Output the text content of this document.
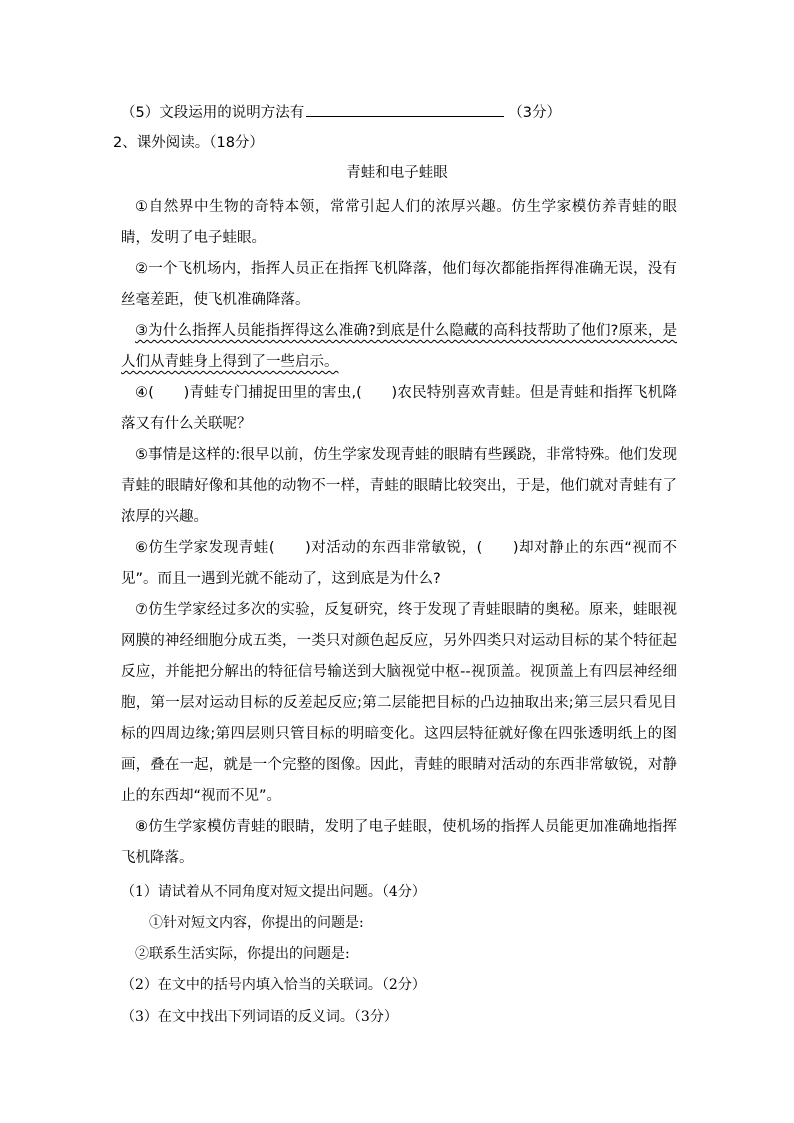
（5）文段运用的说明方法有	（3分）
2、课外阅读。（18分）
青蛙和电子蛙眼

①自然界中生物的奇特本领，常常引起人们的浓厚兴趣。仿生学家模仿养青蛙的眼睛，发明了电子蛙眼。

②一个飞机场内，指挥人员正在指挥飞机降落，他们每次都能指挥得准确无误，没有丝毫差距，使飞机准确降落。

③为什么指挥人员能指挥得这么准确?到底是什么隐藏的高科技帮助了他们?原来，是人们从青蛙身上得到了一些启示。

④(　　)青蛙专门捕捉田里的害虫,(　　)农民特别喜欢青蛙。但是青蛙和指挥飞机降落又有什么关联呢？

⑤事情是这样的:很早以前，仿生学家发现青蛙的眼睛有些蹊跷，非常特殊。他们发现青蛙的眼睛好像和其他的动物不一样，青蛙的眼睛比较突出，于是，他们就对青蛙有了浓厚的兴趣。

⑥仿生学家发现青蛙(　　)对活动的东西非常敏锐，(　　)却对静止的东西“视而不见”。而且一遇到光就不能动了，这到底是为什么?

⑦仿生学家经过多次的实验，反复研究，终于发现了青蛙眼睛的奥秘。原来，蛙眼视网膜的神经细胞分成五类，一类只对颜色起反应，另外四类只对运动目标的某个特征起反应，并能把分解出的特征信号输送到大脑视觉中枢--视顶盖。视顶盖上有四层神经细胞，第一层对运动目标的反差起反应;第二层能把目标的凸边抽取出来;第三层只看见目标的四周边缘;第四层则只管目标的明暗变化。这四层特征就好像在四张透明纸上的图画，叠在一起，就是一个完整的图像。因此，青蛙的眼睛对活动的东西非常敏锐，对静止的东西却“视而不见”。

⑧仿生学家模仿青蛙的眼睛，发明了电子蛙眼，使机场的指挥人员能更加准确地指挥飞机降落。

（1）请试着从不同角度对短文提出问题。（4分）
①针对短文内容，你提出的问题是:
②联系生活实际，你提出的问题是:
（2）在文中的括号内填入恰当的关联词。（2分）
（3）在文中找出下列词语的反义词。（3分）
